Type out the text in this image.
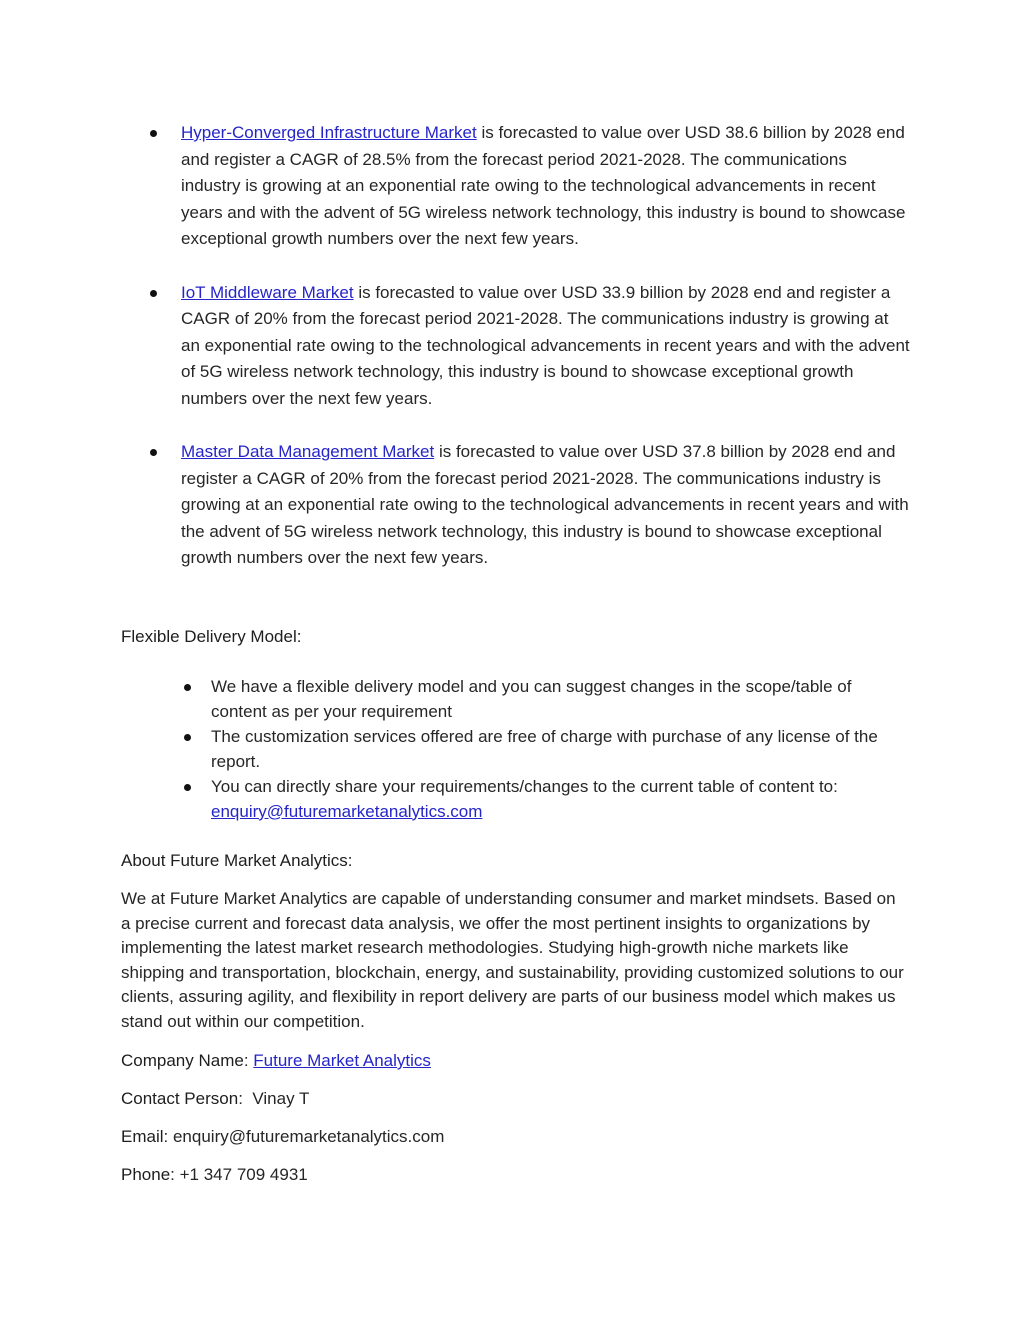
Hyper-Converged Infrastructure Market is forecasted to value over USD 38.6 billion by 2028 end and register a CAGR of 28.5% from the forecast period 2021-2028. The communications industry is growing at an exponential rate owing to the technological advancements in recent years and with the advent of 5G wireless network technology, this industry is bound to showcase exceptional growth numbers over the next few years.
IoT Middleware Market is forecasted to value over USD 33.9 billion by 2028 end and register a CAGR of 20% from the forecast period 2021-2028. The communications industry is growing at an exponential rate owing to the technological advancements in recent years and with the advent of 5G wireless network technology, this industry is bound to showcase exceptional growth numbers over the next few years.
Master Data Management Market is forecasted to value over USD 37.8 billion by 2028 end and register a CAGR of 20% from the forecast period 2021-2028. The communications industry is growing at an exponential rate owing to the technological advancements in recent years and with the advent of 5G wireless network technology, this industry is bound to showcase exceptional growth numbers over the next few years.
Flexible Delivery Model:
We have a flexible delivery model and you can suggest changes in the scope/table of content as per your requirement
The customization services offered are free of charge with purchase of any license of the report.
You can directly share your requirements/changes to the current table of content to: enquiry@futuremarketanalytics.com
About Future Market Analytics:

We at Future Market Analytics are capable of understanding consumer and market mindsets. Based on a precise current and forecast data analysis, we offer the most pertinent insights to organizations by implementing the latest market research methodologies. Studying high-growth niche markets like shipping and transportation, blockchain, energy, and sustainability, providing customized solutions to our clients, assuring agility, and flexibility in report delivery are parts of our business model which makes us stand out within our competition.

Company Name: Future Market Analytics
Contact Person:  Vinay T
Email: enquiry@futuremarketanalytics.com
Phone: +1 347 709 4931
